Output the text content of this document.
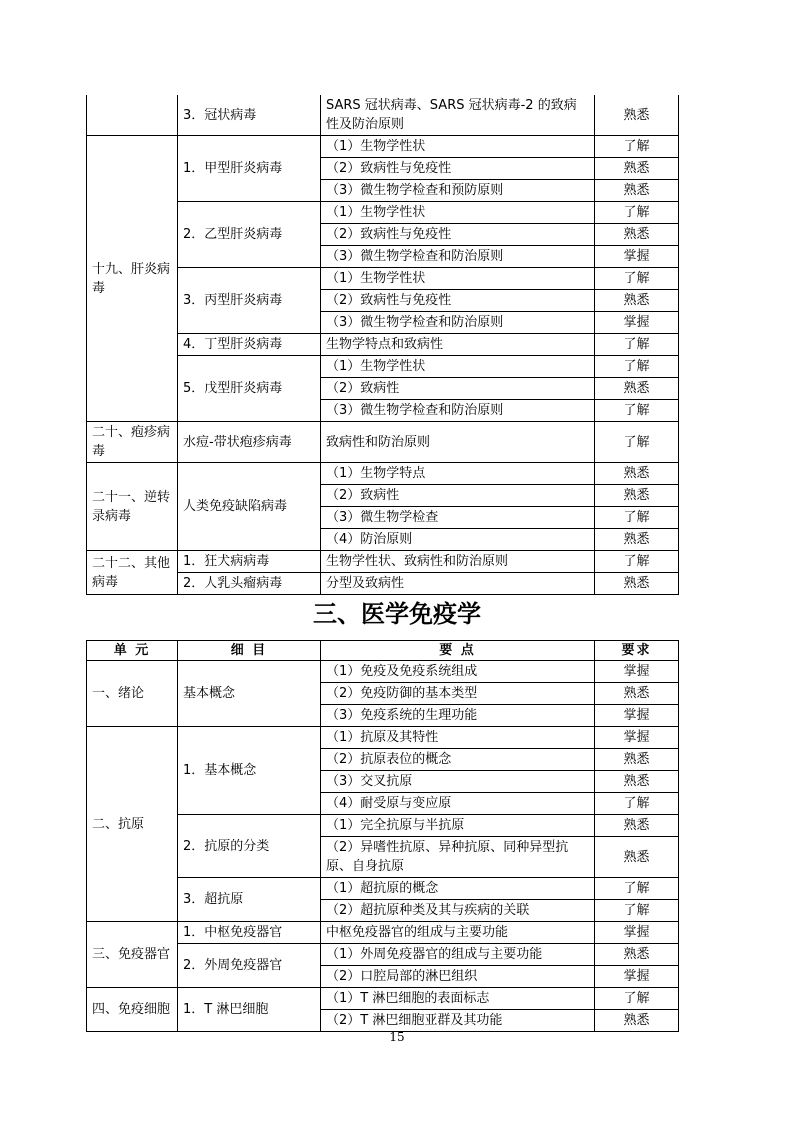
	3．冠状病毒	SARS 冠状病毒、SARS 冠状病毒-2 的致病性及防治原则	熟悉
十九、肝炎病毒	1．甲型肝炎病毒	（1）生物学性状	了解
		（2）致病性与免疫性	熟悉
		（3）微生物学检查和预防原则	熟悉
	2．乙型肝炎病毒	（1）生物学性状	了解
		（2）致病性与免疫性	熟悉
		（3）微生物学检查和防治原则	掌握
	3．丙型肝炎病毒	（1）生物学性状	了解
		（2）致病性与免疫性	熟悉
		（3）微生物学检查和防治原则	掌握
	4．丁型肝炎病毒	生物学特点和致病性	了解
	5．戊型肝炎病毒	（1）生物学性状	了解
		（2）致病性	熟悉
		（3）微生物学检查和防治原则	了解
二十、疱疹病毒	水痘-带状疱疹病毒	致病性和防治原则	了解
二十一、逆转录病毒	人类免疫缺陷病毒	（1）生物学特点	熟悉
		（2）致病性	熟悉
		（3）微生物学检查	了解
		（4）防治原则	熟悉
二十二、其他病毒	1．狂犬病病毒	生物学性状、致病性和防治原则	了解
	2．人乳头瘤病毒	分型及致病性	熟悉
三、医学免疫学
单 元	细 目	要 点	要求
一、绪论	基本概念	（1）免疫及免疫系统组成	掌握
		（2）免疫防御的基本类型	熟悉
		（3）免疫系统的生理功能	掌握
二、抗原	1．基本概念	（1）抗原及其特性	掌握
		（2）抗原表位的概念	熟悉
		（3）交叉抗原	熟悉
		（4）耐受原与变应原	了解
	2．抗原的分类	（1）完全抗原与半抗原	熟悉
		（2）异嗜性抗原、异种抗原、同种异型抗原、自身抗原	熟悉
	3．超抗原	（1）超抗原的概念	了解
		（2）超抗原种类及其与疾病的关联	了解
三、免疫器官	1．中枢免疫器官	中枢免疫器官的组成与主要功能	掌握
	2．外周免疫器官	（1）外周免疫器官的组成与主要功能	熟悉
		（2）口腔局部的淋巴组织	掌握
四、免疫细胞	1．T 淋巴细胞	（1）T 淋巴细胞的表面标志	了解
		（2）T 淋巴细胞亚群及其功能	熟悉
15
